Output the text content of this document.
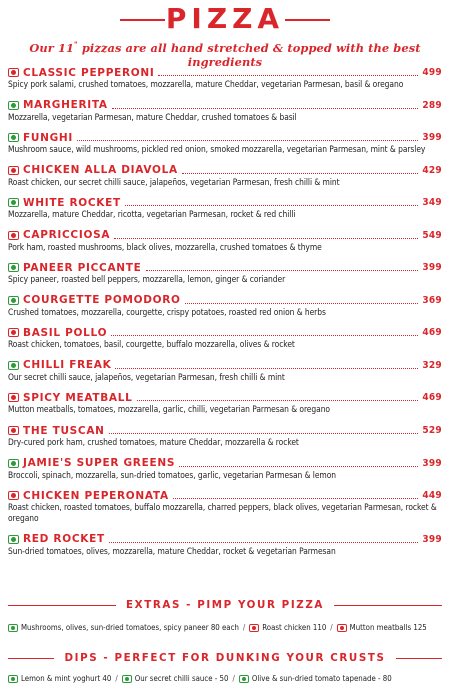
PIZZA
Our 11" pizzas are all hand stretched & topped with the best ingredients
CLASSIC PEPPERONI	499
Spicy pork salami, crushed tomatoes, mozzarella, mature Cheddar, vegetarian Parmesan, basil & oregano
MARGHERITA	289
Mozzarella, vegetarian Parmesan, mature Cheddar, crushed tomatoes & basil
FUNGHI	399
Mushroom sauce, wild mushrooms, pickled red onion, smoked mozzarella, vegetarian Parmesan, mint & parsley
CHICKEN ALLA DIAVOLA	429
Roast chicken, our secret chilli sauce, jalapeños, vegetarian Parmesan, fresh chilli & mint
WHITE ROCKET	349
Mozzarella, mature Cheddar, ricotta, vegetarian Parmesan, rocket & red chilli
CAPRICCIOSA	549
Pork ham, roasted mushrooms, black olives, mozzarella, crushed tomatoes & thyme
PANEER PICCANTE	399
Spicy paneer, roasted bell peppers, mozzarella, lemon, ginger & coriander
COURGETTE POMODORO	369
Crushed tomatoes, mozzarella, courgette, crispy potatoes, roasted red onion & herbs
BASIL POLLO	469
Roast chicken, tomatoes, basil, courgette, buffalo mozzarella, olives & rocket
CHILLI FREAK	329
Our secret chilli sauce, jalapeños, vegetarian Parmesan, fresh chilli & mint
SPICY MEATBALL	469
Mutton meatballs, tomatoes, mozzarella, garlic, chilli, vegetarian Parmesan & oregano
THE TUSCAN	529
Dry-cured pork ham, crushed tomatoes, mature Cheddar, mozzarella & rocket
JAMIE'S SUPER GREENS	399
Broccoli, spinach, mozzarella, sun-dried tomatoes, garlic, vegetarian Parmesan & lemon
CHICKEN PEPERONATA	449
Roast chicken, roasted tomatoes, buffalo mozzarella, charred peppers, black olives, vegetarian Parmesan, rocket & oregano
RED ROCKET	399
Sun-dried tomatoes, olives, mozzarella, mature Cheddar, rocket & vegetarian Parmesan
EXTRAS - PIMP YOUR PIZZA
Mushrooms, olives, sun-dried tomatoes, spicy paneer 80 each / Roast chicken 110 / Mutton meatballs 125
DIPS - PERFECT FOR DUNKING YOUR CRUSTS
Lemon & mint yoghurt 40 / Our secret chilli sauce - 50 / Olive & sun-dried tomato tapenade - 80
